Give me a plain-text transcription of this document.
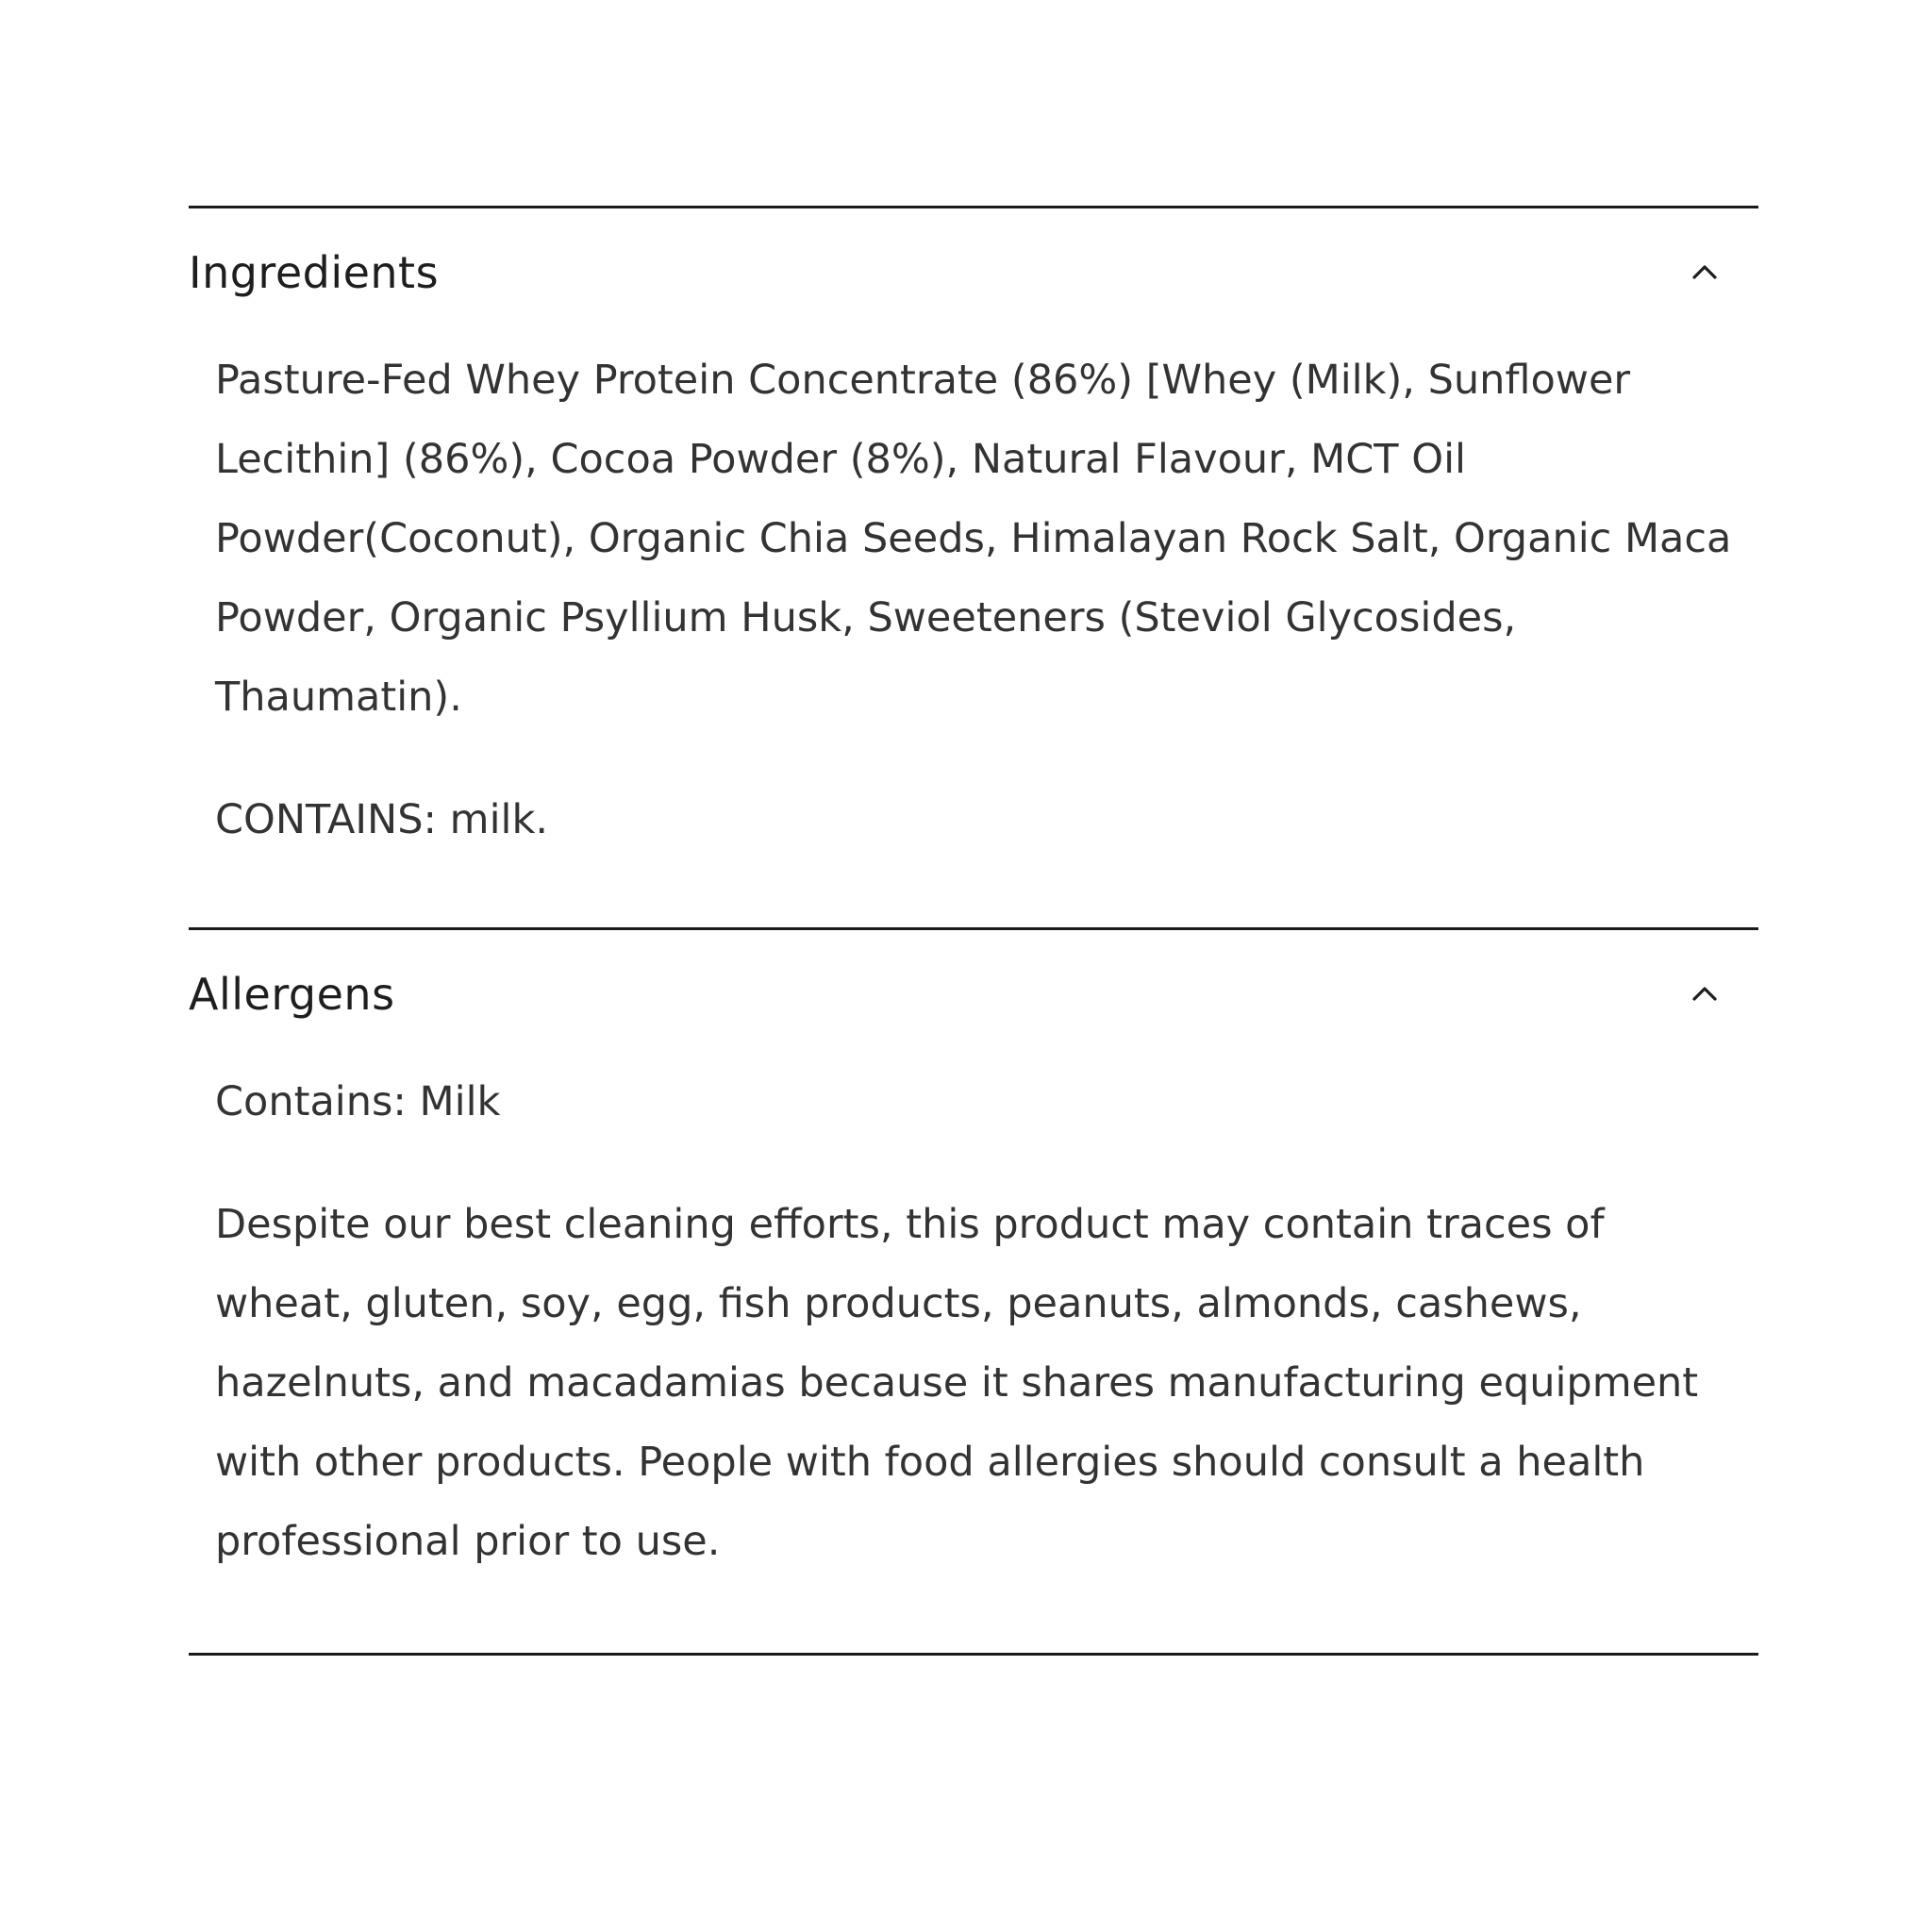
Ingredients

Pasture-Fed Whey Protein Concentrate (86%) [Whey (Milk), Sunflower Lecithin] (86%), Cocoa Powder (8%), Natural Flavour, MCT Oil Powder(Coconut), Organic Chia Seeds, Himalayan Rock Salt, Organic Maca Powder, Organic Psyllium Husk, Sweeteners (Steviol Glycosides, Thaumatin).

CONTAINS: milk.

Allergens

Contains: Milk

Despite our best cleaning efforts, this product may contain traces of wheat, gluten, soy, egg, fish products, peanuts, almonds, cashews, hazelnuts, and macadamias because it shares manufacturing equipment with other products. People with food allergies should consult a health professional prior to use.
